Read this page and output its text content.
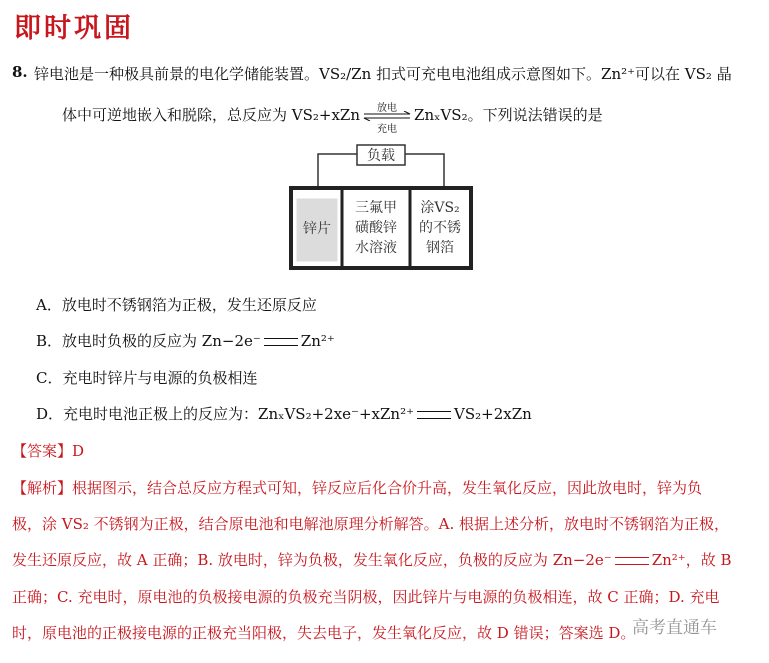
即时巩固
8. 锌电池是一种极具前景的电化学储能装置。VS₂/Zn 扣式可充电电池组成示意图如下。Zn²⁺可以在 VS₂ 晶
体中可逆地嵌入和脱除，总反应为 VS₂+xZn	放电
充电
ZnₓVS₂。下列说法错误的是
负载
锌片
三氟甲
磺酸锌
水溶液
涂VS₂
的不锈
钢箔
A．放电时不锈钢箔为正极，发生还原反应
B．放电时负极的反应为 Zn−2e⁻	Zn²⁺
C．充电时锌片与电源的负极相连
D．充电时电池正极上的反应为：ZnₓVS₂+2xe⁻+xZn²⁺	VS₂+2xZn
【答案】D
【解析】根据图示，结合总反应方程式可知，锌反应后化合价升高，发生氧化反应，因此放电时，锌为负
极，涂 VS₂ 不锈钢为正极，结合原电池和电解池原理分析解答。A. 根据上述分析，放电时不锈钢箔为正极，
发生还原反应，故 A 正确；B. 放电时，锌为负极，发生氧化反应，负极的反应为 Zn−2e⁻	Zn²⁺，故 B
正确；C. 充电时，原电池的负极接电源的负极充当阴极，因此锌片与电源的负极相连，故 C 正确；D. 充电
时，原电池的正极接电源的正极充当阳极，失去电子，发生氧化反应，故 D 错误；答案选 D。
高考直通车
